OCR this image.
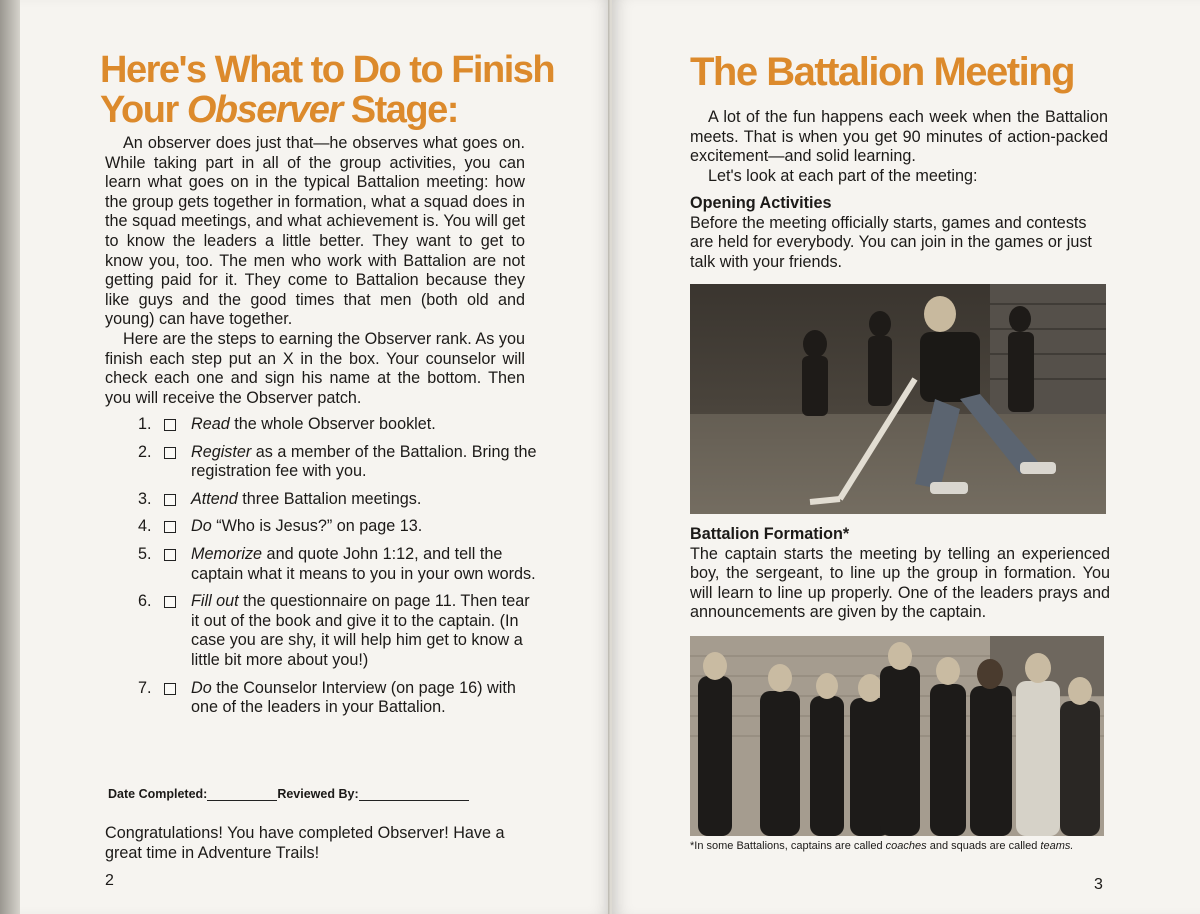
Here's What to Do to Finish
Your Observer Stage:

An observer does just that—he observes what goes on. While taking part in all of the group activities, you can learn what goes on in the typical Battalion meeting: how the group gets together in formation, what a squad does in the squad meetings, and what achievement is. You will get to know the leaders a little better. They want to get to know you, too. The men who work with Battalion are not getting paid for it. They come to Battalion because they like guys and the good times that men (both old and young) can have together.

Here are the steps to earning the Observer rank. As you finish each step put an X in the box. Your counselor will check each one and sign his name at the bottom. Then you will receive the Observer patch.

1.	Read the whole Observer booklet.
2.	Register as a member of the Battalion. Bring the registration fee with you.
3.	Attend three Battalion meetings.
4.	Do “Who is Jesus?” on page 13.
5.	Memorize and quote John 1:12, and tell the captain what it means to you in your own words.
6.	Fill out the questionnaire on page 11. Then tear it out of the book and give it to the captain. (In case you are shy, it will help him get to know a little bit more about you!)
7.	Do the Counselor Interview (on page 16) with one of the leaders in your Battalion.
Date Completed:	Reviewed By:

Congratulations! You have completed Observer! Have a great time in Adventure Trails!

2
The Battalion Meeting

A lot of the fun happens each week when the Battalion meets. That is when you get 90 minutes of action-packed excitement—and solid learning.

Let's look at each part of the meeting:

Opening Activities

Before the meeting officially starts, games and contests are held for everybody. You can join in the games or just talk with your friends.

Battalion Formation*

The captain starts the meeting by telling an experienced boy, the sergeant, to line up the group in formation. You will learn to line up properly. One of the leaders prays and announcements are given by the captain.

*In some Battalions, captains are called coaches and squads are called teams.

3
